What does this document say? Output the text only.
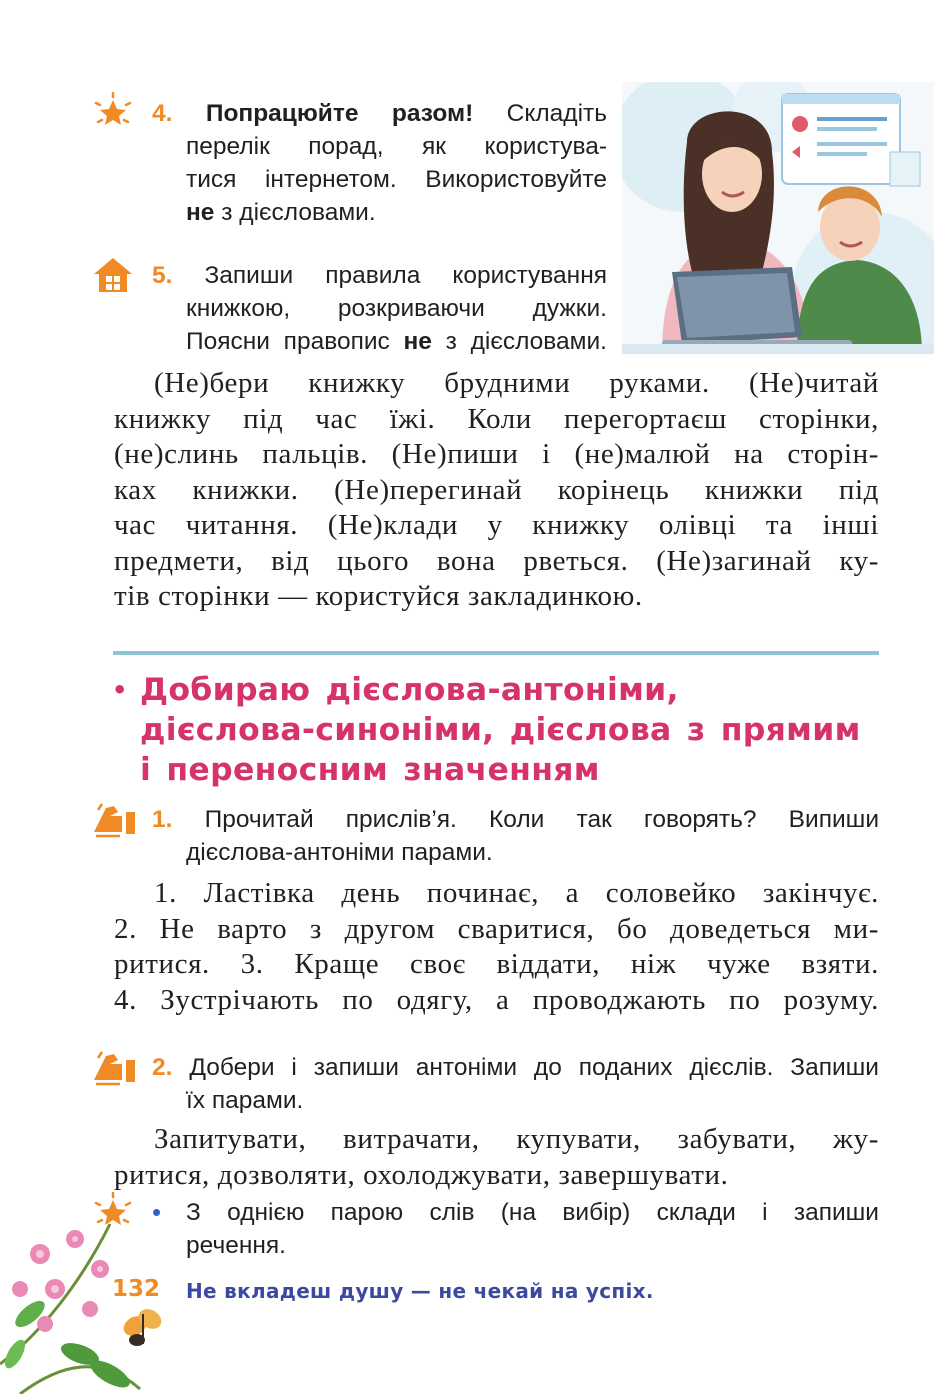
4. Попрацюйте разом! Складіть
перелік порад, як користува-
тися інтернетом. Використовуйте
не з дієсловами.
5. Запиши правила користування
книжкою, розкриваючи дужки.
Поясни правопис не з дієсловами.
(Не)бери книжку брудними руками. (Не)читай
книжку під час їжі. Коли перегортаєш сторінки,
(не)слинь пальців. (Не)пиши і (не)малюй на сторін-
ках книжки. (Не)перегинай корінець книжки під
час читання. (Не)клади у книжку олівці та інші
предмети, від цього вона рветься. (Не)загинай ку-
тів сторінки — користуйся закладинкою.
• Добираю дієслова-антоніми,
дієслова-синоніми, дієслова з прямим
і переносним значенням
1. Прочитай прислів’я. Коли так говорять? Випиши
дієслова-антоніми парами.
1. Ластівка день починає, а соловейко закінчує.
2. Не варто з другом сваритися, бо доведеться ми-
ритися. 3. Краще своє віддати, ніж чуже взяти.
4. Зустрічають по одягу, а проводжають по розуму.
2. Добери і запиши антоніми до поданих дієслів. Запиши
їх парами.
Запитувати, витрачати, купувати, забувати, жу-
ритися, дозволяти, охолоджувати, завершувати.
•	З однією парою слів (на вибір) склади і запиши
речення.
132 Не вкладеш душу — не чекай на успіх.
